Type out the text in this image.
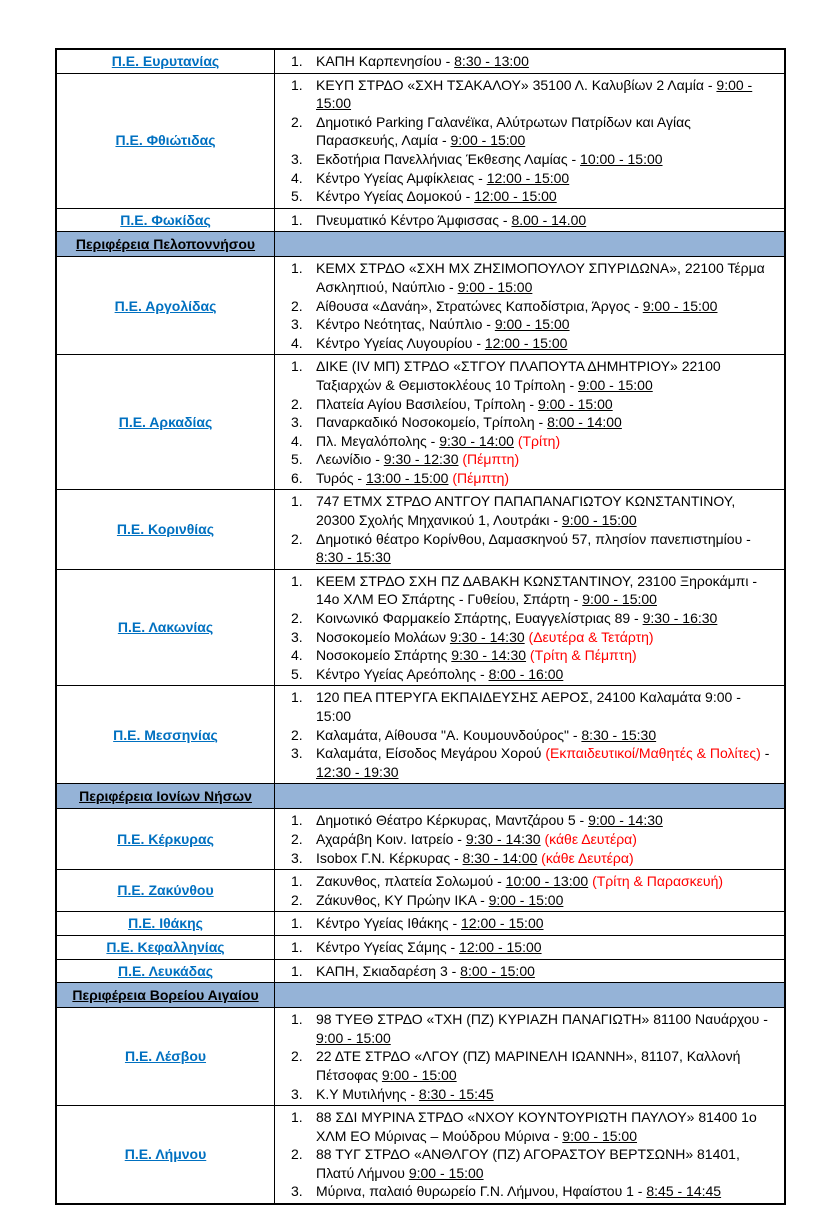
Π.Ε. Ευρυτανίας	1. ΚΑΠΗ Καρπενησίου - 8:30 - 13:00

Π.Ε. Φθιώτιδας	
1. ΚΕΥΠ ΣΤΡΔΟ «ΣΧΗ ΤΣΑΚΑΛΟΥ» 35100 Λ. Καλυβίων 2 Λαμία - 9:00 - 15:00
2. Δημοτικό Parking Γαλανέϊκα, Αλύτρωτων Πατρίδων και Αγίας Παρασκευής, Λαμία - 9:00 - 15:00
3. Εκδοτήρια Πανελλήνιας Έκθεσης Λαμίας - 10:00 - 15:00
4. Κέντρο Υγείας Αμφίκλειας - 12:00 - 15:00
5. Κέντρο Υγείας Δομοκού - 12:00 - 15:00

Π.Ε. Φωκίδας	1. Πνευματικό Κέντρο Άμφισσας - 8.00 - 14.00

Περιφέρεια Πελοποννήσου	
Π.Ε. Αργολίδας	
1. ΚΕΜΧ ΣΤΡΔΟ «ΣΧΗ ΜΧ ΖΗΣΙΜΟΠΟΥΛΟΥ ΣΠΥΡΙΔΩΝΑ», 22100 Τέρμα Ασκληπιού, Ναύπλιο - 9:00 - 15:00
2. Αίθουσα «Δανάη», Στρατώνες Καποδίστρια, Άργος - 9:00 - 15:00
3. Κέντρο Νεότητας, Ναύπλιο - 9:00 - 15:00
4. Κέντρο Υγείας Λυγουρίου - 12:00 - 15:00

Π.Ε. Αρκαδίας	
1. ΔΙΚΕ (IV ΜΠ) ΣΤΡΔΟ «ΣΤΓΟΥ ΠΛΑΠΟΥΤΑ ΔΗΜΗΤΡΙΟΥ» 22100 Ταξιαρχών & Θεμιστοκλέους 10 Τρίπολη - 9:00 - 15:00
2. Πλατεία Αγίου Βασιλείου, Τρίπολη - 9:00 - 15:00
3. Παναρκαδικό Νοσοκομείο, Τρίπολη - 8:00 - 14:00
4. Πλ. Μεγαλόπολης - 9:30 - 14:00 (Τρίτη)
5. Λεωνίδιο - 9:30 - 12:30 (Πέμπτη)
6. Τυρός - 13:00 - 15:00 (Πέμπτη)

Π.Ε. Κορινθίας	1. 747 ΕΤΜΧ ΣΤΡΔΟ ΑΝΤΓΟΥ ΠΑΠΑΠΑΝΑΓΙΩΤΟΥ ΚΩΝΣΤΑΝΤΙΝΟΥ, 20300 Σχολής Μηχανικού 1, Λουτράκι - 9:00 - 15:00
2. Δημοτικό θέατρο Κορίνθου, Δαμασκηνού 57, πλησίον πανεπιστημίου - 8:30 - 15:30

Π.Ε. Λακωνίας	
1. ΚΕΕΜ ΣΤΡΔΟ ΣΧΗ ΠΖ ΔΑΒΑΚΗ ΚΩΝΣΤΑΝΤΙΝΟΥ, 23100 Ξηροκάμπι - 14ο ΧΛΜ ΕΟ Σπάρτης - Γυθείου, Σπάρτη - 9:00 - 15:00
2. Κοινωνικό Φαρμακείο Σπάρτης, Ευαγγελίστριας 89 - 9:30 - 16:30
3. Νοσοκομείο Μολάων 9:30 - 14:30 (Δευτέρα & Τετάρτη)
4. Νοσοκομείο Σπάρτης 9:30 - 14:30 (Τρίτη & Πέμπτη)
5. Κέντρο Υγείας Αρεόπολης - 8:00 - 16:00

Π.Ε. Μεσσηνίας	
1. 120 ΠΕΑ ΠΤΕΡΥΓΑ ΕΚΠΑΙΔΕΥΣΗΣ ΑΕΡΟΣ, 24100 Καλαμάτα 9:00 - 15:00
2. Καλαμάτα, Αίθουσα "Α. Κουμουνδούρος" - 8:30 - 15:30
3. Καλαμάτα, Είσοδος Μεγάρου Χορού (Εκπαιδευτικοί/Μαθητές & Πολίτες) - 12:30 - 19:30

Περιφέρεια Ιονίων Νήσων	
Π.Ε. Κέρκυρας	
1. Δημοτικό Θέατρο Κέρκυρας, Μαντζάρου 5 - 9:00 - 14:30
2. Αχαράβη Κοιν. Ιατρείο - 9:30 - 14:30 (κάθε Δευτέρα)
3. Isobox Γ.Ν. Κέρκυρας - 8:30 - 14:00 (κάθε Δευτέρα)

Π.Ε. Ζακύνθου	1. Ζακυνθος, πλατεία Σολωμού - 10:00 - 13:00 (Τρίτη & Παρασκευή)
2. Ζάκυνθος, ΚΥ Πρώην ΙΚΑ - 9:00 - 15:00

Π.Ε. Ιθάκης	1. Κέντρο Υγείας Ιθάκης - 12:00 - 15:00

Π.Ε. Κεφαλληνίας	1. Κέντρο Υγείας Σάμης - 12:00 - 15:00

Π.Ε. Λευκάδας	1. ΚΑΠΗ, Σκιαδαρέση 3 - 8:00 - 15:00

Περιφέρεια Βορείου Αιγαίου	
Π.Ε. Λέσβου	
1. 98 ΤΥΕΘ ΣΤΡΔΟ «ΤΧΗ (ΠΖ) ΚΥΡΙΑΖΗ ΠΑΝΑΓΙΩΤΗ» 81100 Ναυάρχου - 9:00 - 15:00
2. 22 ΔΤΕ ΣΤΡΔΟ «ΛΓΟΥ (ΠΖ) ΜΑΡΙΝΕΛΗ ΙΩΑΝΝΗ», 81107, Καλλονή Πέτσοφας 9:00 - 15:00
3. Κ.Υ Μυτιλήνης - 8:30 - 15:45

Π.Ε. Λήμνου	
1. 88 ΣΔΙ ΜΥΡΙΝΑ ΣΤΡΔΟ «ΝΧΟΥ ΚΟΥΝΤΟΥΡΙΩΤΗ ΠΑΥΛΟΥ» 81400 1ο ΧΛΜ ΕΟ Μύρινας – Μούδρου Μύρινα - 9:00 - 15:00
2. 88 ΤΥΓ ΣΤΡΔΟ «ΑΝΘΛΓΟΥ (ΠΖ) ΑΓΟΡΑΣΤΟΥ ΒΕΡΤΣΩΝΗ» 81401, Πλατύ Λήμνου 9:00 - 15:00
3. Μύρινα, παλαιό θυρωρείο Γ.Ν. Λήμνου, Ηφαίστου 1 - 8:45 - 14:45
